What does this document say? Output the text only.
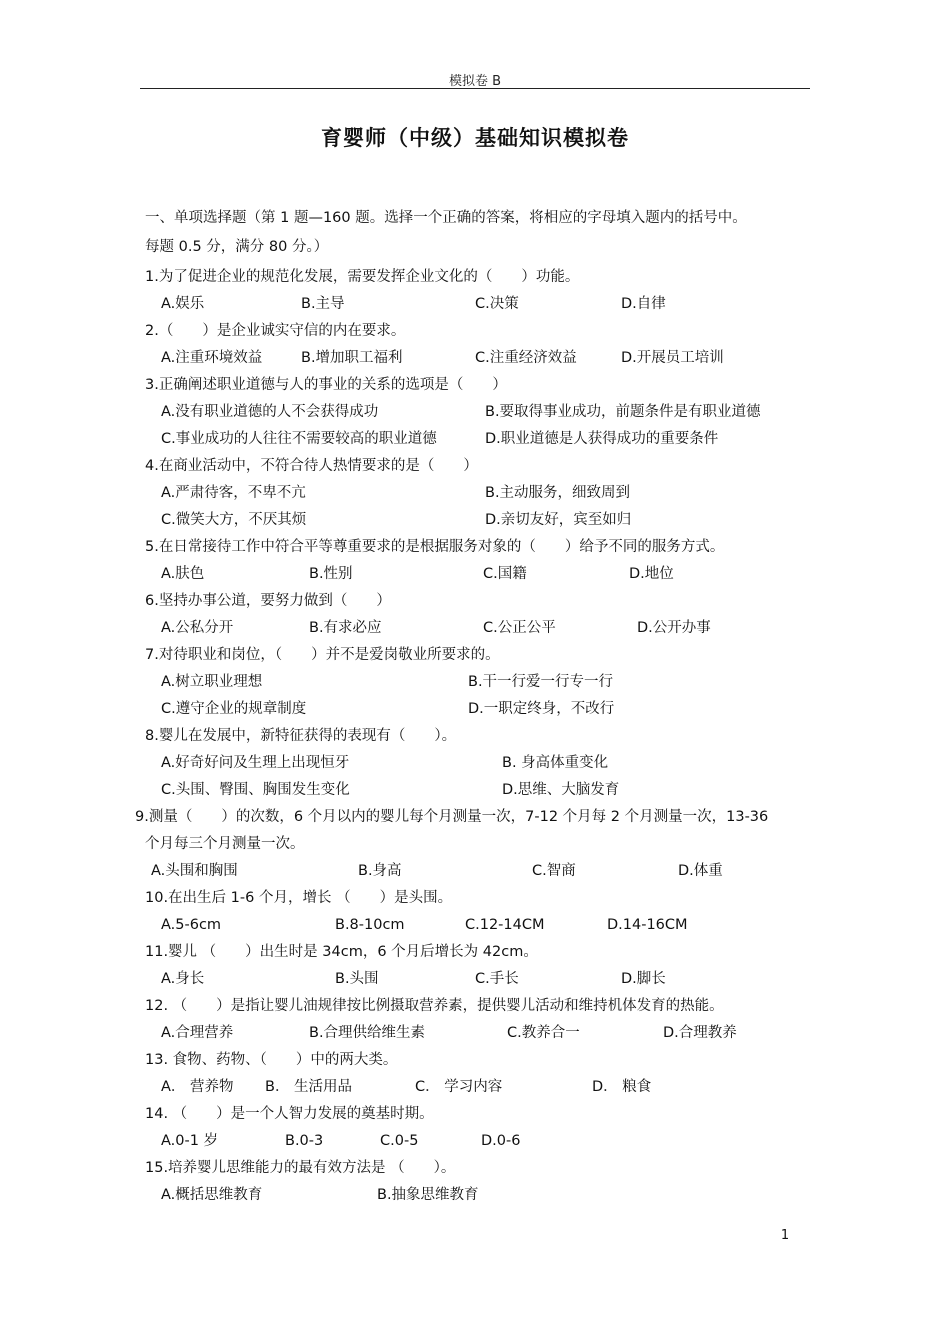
模拟卷 B
育婴师（中级）基础知识模拟卷
一、单项选择题（第 1 题—160 题。选择一个正确的答案，将相应的字母填入题内的括号中。
每题 0.5 分，满分 80 分。）
1.为了促进企业的规范化发展，需要发挥企业文化的（　　）功能。
A.娱乐	B.主导	C.决策	D.自律
2.（　　）是企业诚实守信的内在要求。
A.注重环境效益	B.增加职工福利	C.注重经济效益	D.开展员工培训
3.正确阐述职业道德与人的事业的关系的选项是（　　）
A.没有职业道德的人不会获得成功	B.要取得事业成功，前题条件是有职业道德
C.事业成功的人往往不需要较高的职业道德	D.职业道德是人获得成功的重要条件
4.在商业活动中，不符合待人热情要求的是（　　）
A.严肃待客，不卑不亢	B.主动服务，细致周到
C.微笑大方，不厌其烦	D.亲切友好，宾至如归
5.在日常接待工作中符合平等尊重要求的是根据服务对象的（　　）给予不同的服务方式。
A.肤色	B.性别	C.国籍	D.地位
6.坚持办事公道，要努力做到（　　）
A.公私分开	B.有求必应	C.公正公平	D.公开办事
7.对待职业和岗位，（　　）并不是爱岗敬业所要求的。
A.树立职业理想	B.干一行爱一行专一行
C.遵守企业的规章制度	D.一职定终身，不改行
8.婴儿在发展中，新特征获得的表现有（　　）。
A.好奇好问及生理上出现恒牙	B. 身高体重变化
C.头围、臀围、胸围发生变化	D.思维、大脑发育
9.测量（　　）的次数，6 个月以内的婴儿每个月测量一次，7-12 个月每 2 个月测量一次，13-36
个月每三个月测量一次。
A.头围和胸围	B.身高	C.智商	D.体重
10.在出生后 1-6 个月，增长 （　　）是头围。
A.5-6cm	B.8-10cm	C.12-14CM	D.14-16CM
11.婴儿 （　　）出生时是 34cm，6 个月后增长为 42cm。
A.身长	B.头围	C.手长	D.脚长
12. （　　）是指让婴儿油规律按比例摄取营养素，提供婴儿活动和维持机体发育的热能。
A.合理营养	B.合理供给维生素	C.教养合一	D.合理教养
13. 食物、药物、（　　）中的两大类。
A． 营养物 B． 生活用品	C． 学习内容	D． 粮食
14. （　　）是一个人智力发展的奠基时期。
A.0-1 岁	B.0-3	C.0-5	D.0-6
15.培养婴儿思维能力的最有效方法是 （　　）。
A.概括思维教育	B.抽象思维教育
1
